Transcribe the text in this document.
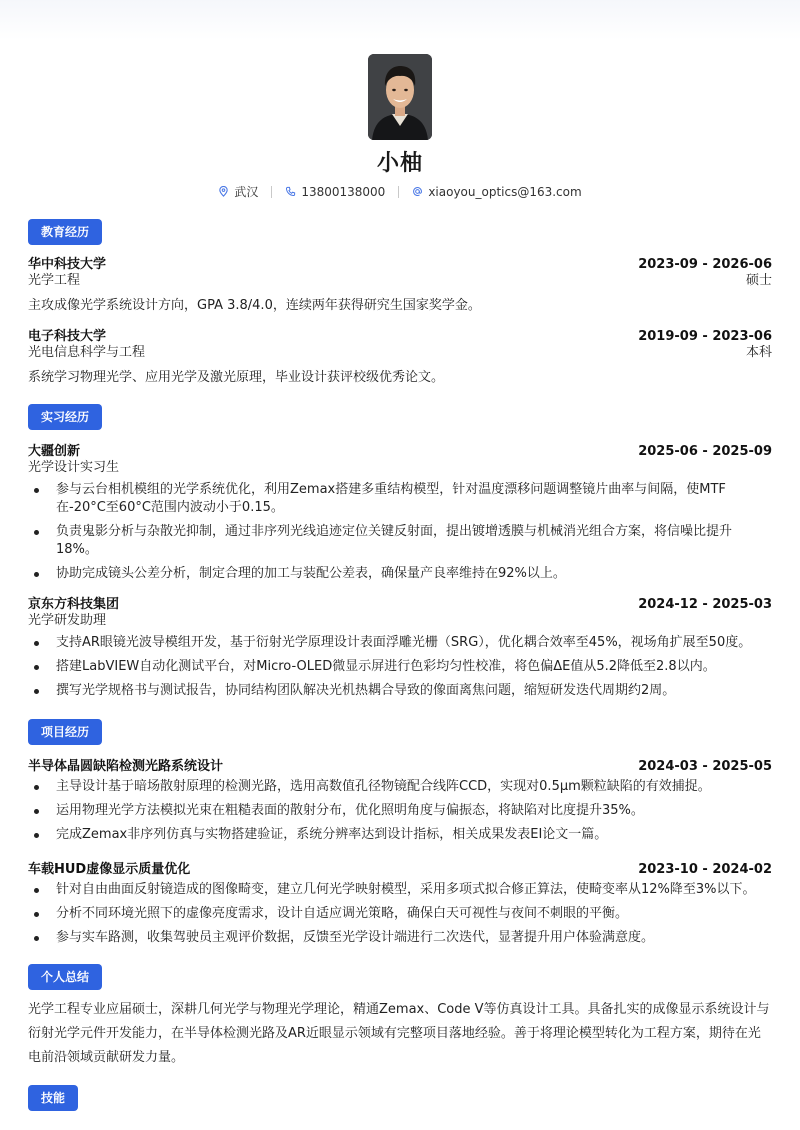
小柚
武汉	13800138000	xiaoyou_optics@163.com
教育经历
华中科技大学	2023-09 - 2026-06
光学工程	硕士
主攻成像光学系统设计方向，GPA 3.8/4.0，连续两年获得研究生国家奖学金。
电子科技大学	2019-09 - 2023-06
光电信息科学与工程	本科
系统学习物理光学、应用光学及激光原理，毕业设计获评校级优秀论文。
实习经历
大疆创新	2025-06 - 2025-09
光学设计实习生
参与云台相机模组的光学系统优化，利用Zemax搭建多重结构模型，针对温度漂移问题调整镜片曲率与间隔，使MTF在-20°C至60°C范围内波动小于0.15。
负责鬼影分析与杂散光抑制，通过非序列光线追迹定位关键反射面，提出镀增透膜与机械消光组合方案，将信噪比提升18%。
协助完成镜头公差分析，制定合理的加工与装配公差表，确保量产良率维持在92%以上。
京东方科技集团	2024-12 - 2025-03
光学研发助理
支持AR眼镜光波导模组开发，基于衍射光学原理设计表面浮雕光栅（SRG），优化耦合效率至45%，视场角扩展至50度。
搭建LabVIEW自动化测试平台，对Micro-OLED微显示屏进行色彩均匀性校准，将色偏ΔE值从5.2降低至2.8以内。
撰写光学规格书与测试报告，协同结构团队解决光机热耦合导致的像面离焦问题，缩短研发迭代周期约2周。
项目经历
半导体晶圆缺陷检测光路系统设计	2024-03 - 2025-05
主导设计基于暗场散射原理的检测光路，选用高数值孔径物镜配合线阵CCD，实现对0.5μm颗粒缺陷的有效捕捉。
运用物理光学方法模拟光束在粗糙表面的散射分布，优化照明角度与偏振态，将缺陷对比度提升35%。
完成Zemax非序列仿真与实物搭建验证，系统分辨率达到设计指标，相关成果发表EI论文一篇。
车载HUD虚像显示质量优化	2023-10 - 2024-02
针对自由曲面反射镜造成的图像畸变，建立几何光学映射模型，采用多项式拟合修正算法，使畸变率从12%降至3%以下。
分析不同环境光照下的虚像亮度需求，设计自适应调光策略，确保白天可视性与夜间不刺眼的平衡。
参与实车路测，收集驾驶员主观评价数据，反馈至光学设计端进行二次迭代，显著提升用户体验满意度。
个人总结
光学工程专业应届硕士，深耕几何光学与物理光学理论，精通Zemax、Code V等仿真设计工具。具备扎实的成像显示系统设计与衍射光学元件开发能力，在半导体检测光路及AR近眼显示领域有完整项目落地经验。善于将理论模型转化为工程方案，期待在光电前沿领域贡献研发力量。
技能
